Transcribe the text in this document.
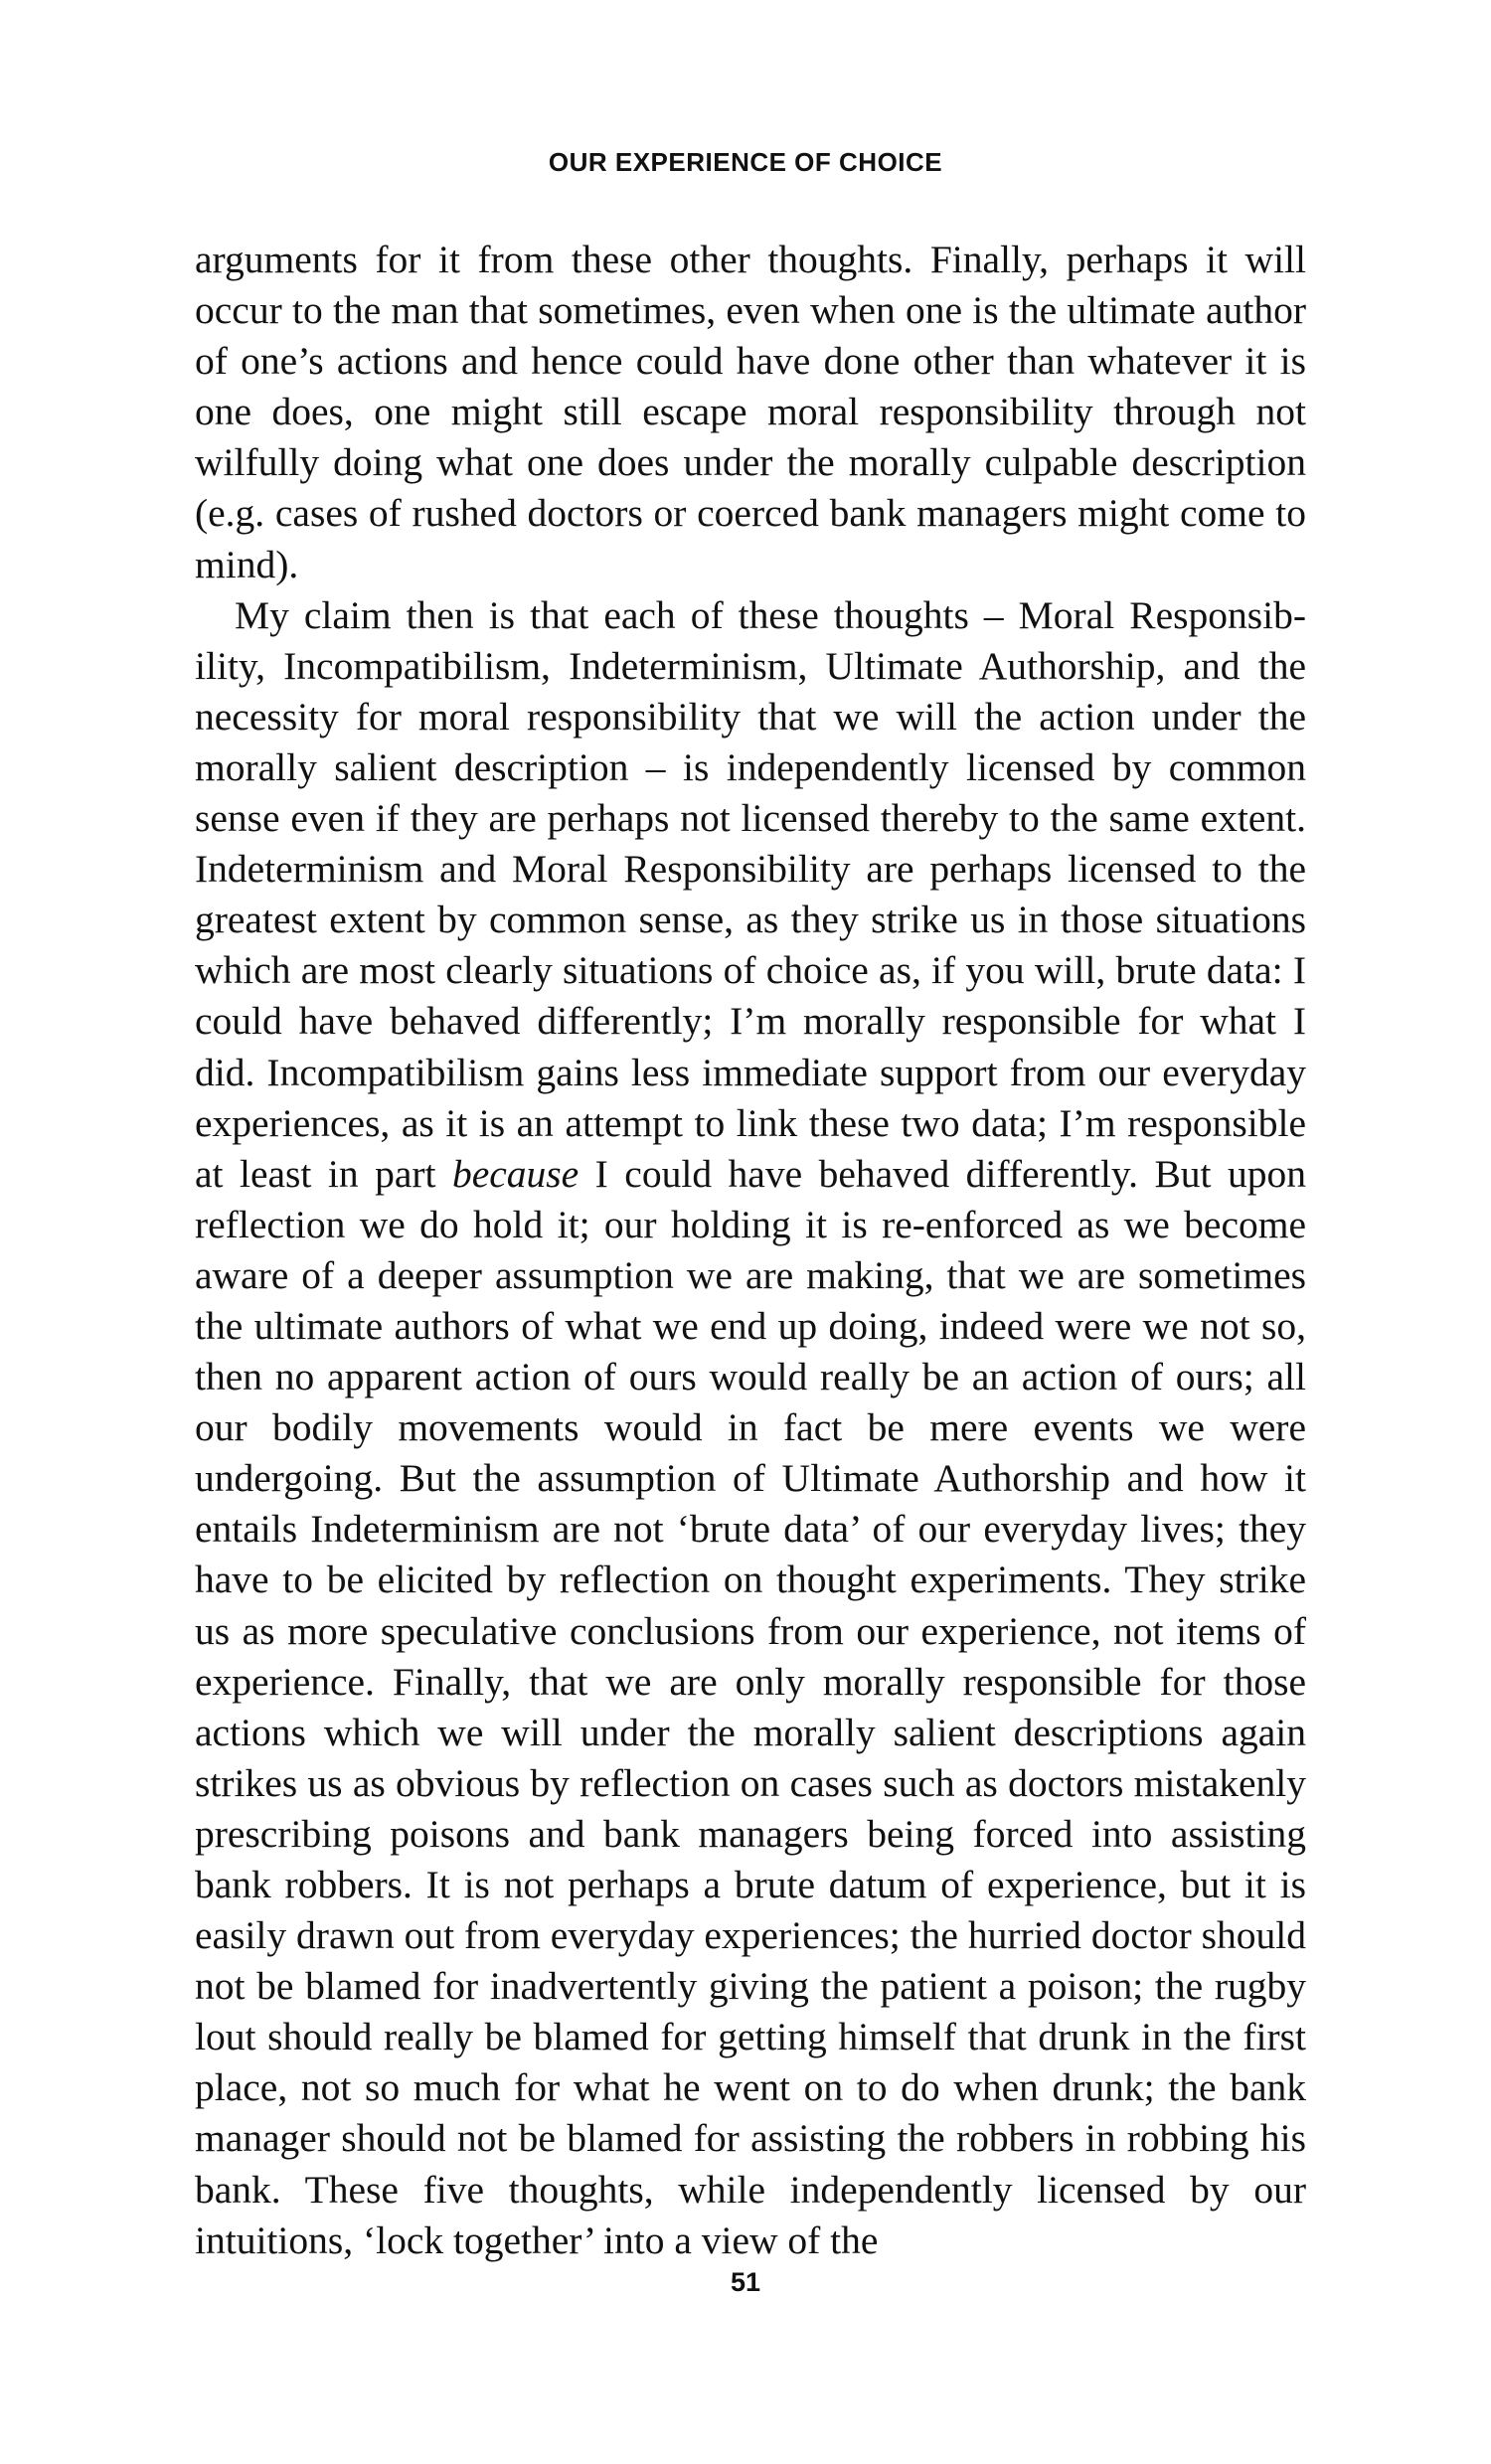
OUR EXPERIENCE OF CHOICE

arguments for it from these other thoughts. Finally, perhaps it will occur to the man that sometimes, even when one is the ultimate author of one’s actions and hence could have done other than whatever it is one does, one might still escape moral responsibility through not wilfully doing what one does under the morally culpable description (e.g. cases of rushed doctors or coerced bank managers might come to mind).

My claim then is that each of these thoughts – Moral Responsibility, Incompatibilism, Indeterminism, Ultimate Authorship, and the necessity for moral responsibility that we will the action under the morally salient description – is independently licensed by common sense even if they are perhaps not licensed thereby to the same extent. Indeterminism and Moral Responsibility are perhaps licensed to the greatest extent by common sense, as they strike us in those situations which are most clearly situations of choice as, if you will, brute data: I could have behaved differently; I’m morally responsible for what I did. Incompatibilism gains less immediate support from our everyday experiences, as it is an attempt to link these two data; I’m responsible at least in part because I could have behaved differently. But upon reflection we do hold it; our holding it is re-enforced as we become aware of a deeper assumption we are making, that we are sometimes the ultimate authors of what we end up doing, indeed were we not so, then no apparent action of ours would really be an action of ours; all our bodily movements would in fact be mere events we were undergoing. But the assumption of Ultimate Authorship and how it entails Indeterminism are not ‘brute data’ of our everyday lives; they have to be elicited by reflection on thought experiments. They strike us as more speculative conclusions from our experience, not items of experience. Finally, that we are only morally responsible for those actions which we will under the morally salient descriptions again strikes us as obvious by reflection on cases such as doctors mistakenly prescribing poisons and bank managers being forced into assisting bank robbers. It is not perhaps a brute datum of experience, but it is easily drawn out from everyday experiences; the hurried doctor should not be blamed for inadvertently giving the patient a poison; the rugby lout should really be blamed for getting himself that drunk in the first place, not so much for what he went on to do when drunk; the bank manager should not be blamed for assisting the robbers in robbing his bank. These five thoughts, while independently licensed by our intuitions, ‘lock together’ into a view of the

51
